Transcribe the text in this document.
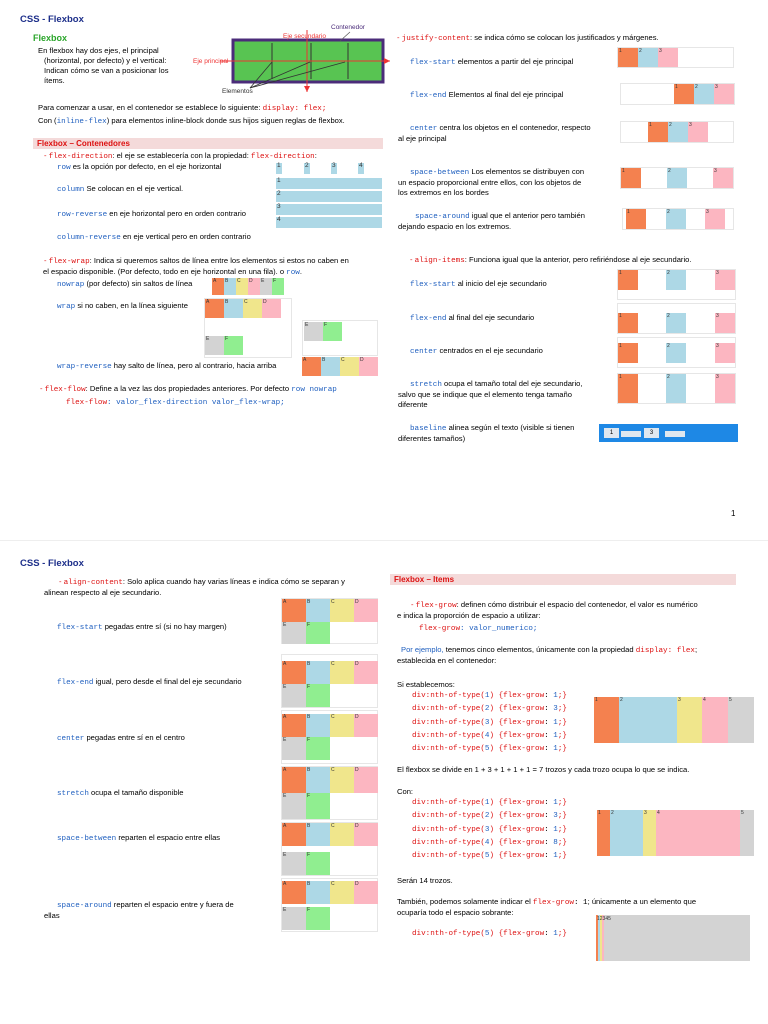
CSS - Flexbox
Flexbox
En flexbox hay dos ejes, el principal
(horizontal, por defecto) y el vertical:
Indican cómo se van a posicionar los
ítems.
Contenedor
Eje secundario
Eje principal
Elementos
Para comenzar a usar, en el contenedor se establece lo siguiente: display: flex;
Con (inline-flex) para elementos inline-block donde sus hijos siguen reglas de flexbox.
Flexbox – Contenedores
- flex-direction: el eje se establecería con la propiedad: flex-direction:
row es la opción por defecto, en el eje horizontal	1	2	3	4
column Se colocan en el eje vertical.
1
2
3
4
row-reverse en eje horizontal pero en orden contrario
column-reverse en eje vertical pero en orden contrario
- flex-wrap: Indica si queremos saltos de línea entre los elementos si estos no caben en
el espacio disponible. (Por defecto, todo en eje horizontal en una fila). o row.
nowrap (por defecto) sin saltos de línea	A	B	C	D	E	F
wrap si no caben, en la línea siguiente	A	B	C	D
E	F
E	F
wrap-reverse hay salto de línea, pero al contrario, hacia arriba
A	B	C	D
- flex-flow: Define a la vez las dos propiedades anteriores. Por defecto row nowrap
flex-flow: valor_flex-direction valor_flex-wrap;
- justify-content: se indica cómo se colocan los justificados y márgenes.
flex-start elementos a partir del eje principal
1	2	3
flex-end Elementos al final del eje principal
1	2	3
center centra los objetos en el contenedor, respecto
al eje principal
1	2	3
space-between Los elementos se distribuyen con
un espacio proporcional entre ellos, con los objetos de
los extremos en los bordes
1	2	3
space-around igual que el anterior pero también
dejando espacio en los extremos.
1	2	3
- align-items: Funciona igual que la anterior, pero refiriéndose al eje secundario.
flex-start al inicio del eje secundario
1	2	3
flex-end al final del eje secundario	1	2	3
center centrados en el eje secundario	1	2	3
stretch ocupa el tamaño total del eje secundario,
salvo que se indique que el elemento tenga tamaño
diferente
1	2	3
baseline alinea según el texto (visible si tienen
diferentes tamaños)
1	3
1
CSS - Flexbox
- align-content: Solo aplica cuando hay varias líneas e indica cómo se separan y
alinean respecto al eje secundario.
flex-start pegadas entre sí (si no hay margen)
A	B	C	D
E	F
flex-end igual, pero desde el final del eje secundario
A	B	C	D
E	F
center pegadas entre sí en el centro
A	B	C	D
E	F
stretch ocupa el tamaño disponible
A	B	C	D
E	F
space-between reparten el espacio entre ellas
A	B	C	D
E	F
space-around reparten el espacio entre y fuera de
ellas
A	B	C	D
E	F
Flexbox – Items
- flex-grow: definen cómo distribuir el espacio del contenedor, el valor es numérico
e indica la proporción de espacio a utilizar:
flex-grow: valor_numerico;
Por ejemplo, tenemos cinco elementos, únicamente con la propiedad display: flex;
establecida en el contenedor:
Si establecemos:
div:nth-of-type(1) {flex-grow: 1;}
div:nth-of-type(2) {flex-grow: 3;}
div:nth-of-type(3) {flex-grow: 1;}
div:nth-of-type(4) {flex-grow: 1;}
div:nth-of-type(5) {flex-grow: 1;}
1	2	3	4	5
El flexbox se divide en 1 + 3 + 1 + 1 + 1 = 7 trozos y cada trozo ocupa lo que se indica.
Con:
div:nth-of-type(1) {flex-grow: 1;}
div:nth-of-type(2) {flex-grow: 3;}
div:nth-of-type(3) {flex-grow: 1;}
div:nth-of-type(4) {flex-grow: 8;}
div:nth-of-type(5) {flex-grow: 1;}
1	2	3	4	5
Serán 14 trozos.
También, podemos solamente indicar el flex-grow: 1; únicamente a un elemento que
ocuparía todo el espacio sobrante:
div:nth-of-type(5) {flex-grow: 1;}
12345
